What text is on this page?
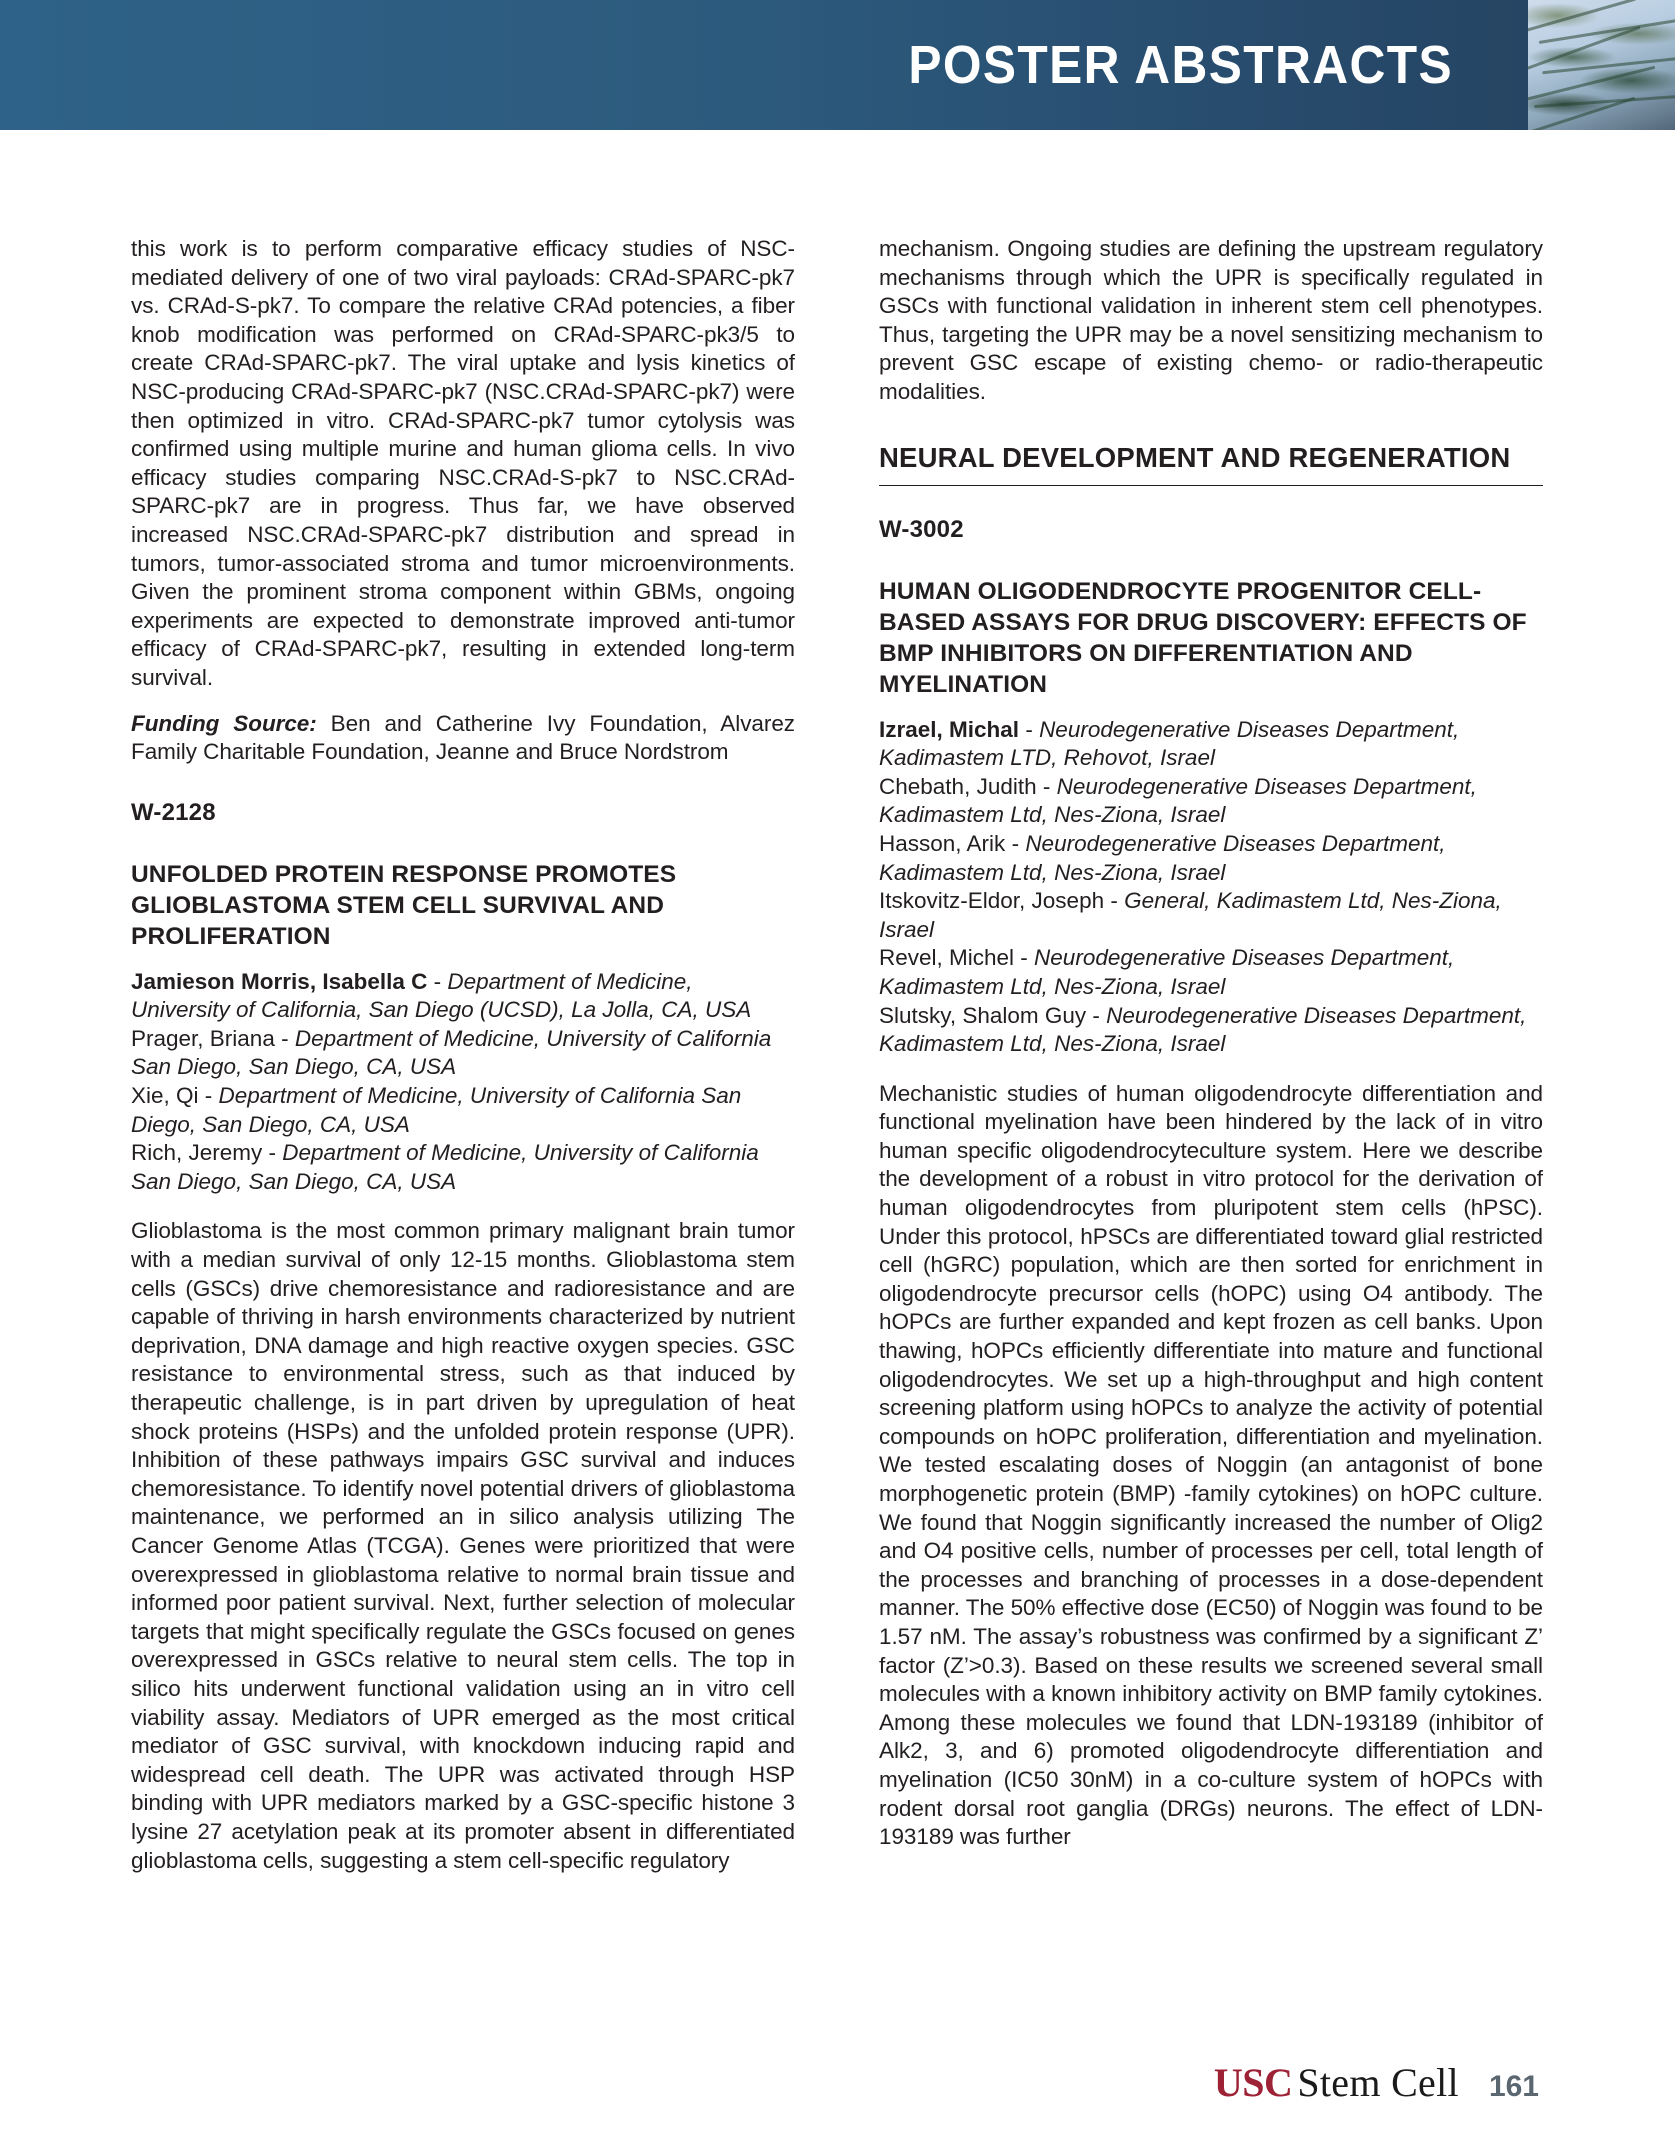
POSTER ABSTRACTS

this work is to perform comparative efficacy studies of NSC-mediated delivery of one of two viral payloads: CRAd-SPARC-pk7 vs. CRAd-S-pk7. To compare the relative CRAd potencies, a fiber knob modification was performed on CRAd-SPARC-pk3/5 to create CRAd-SPARC-pk7. The viral uptake and lysis kinetics of NSC-producing CRAd-SPARC-pk7 (NSC.CRAd-SPARC-pk7) were then optimized in vitro. CRAd-SPARC-pk7 tumor cytolysis was confirmed using multiple murine and human glioma cells. In vivo efficacy studies comparing NSC.CRAd-S-pk7 to NSC.CRAd-SPARC-pk7 are in progress. Thus far, we have observed increased NSC.CRAd-SPARC-pk7 distribution and spread in tumors, tumor-associated stroma and tumor microenvironments. Given the prominent stroma component within GBMs, ongoing experiments are expected to demonstrate improved anti-tumor efficacy of CRAd-SPARC-pk7, resulting in extended long-term survival.

Funding Source: Ben and Catherine Ivy Foundation, Alvarez Family Charitable Foundation, Jeanne and Bruce Nordstrom

W-2128
UNFOLDED PROTEIN RESPONSE PROMOTES GLIOBLASTOMA STEM CELL SURVIVAL AND PROLIFERATION
Jamieson Morris, Isabella C - Department of Medicine, University of California, San Diego (UCSD), La Jolla, CA, USA
Prager, Briana - Department of Medicine, University of California San Diego, San Diego, CA, USA
Xie, Qi - Department of Medicine, University of California San Diego, San Diego, CA, USA
Rich, Jeremy - Department of Medicine, University of California San Diego, San Diego, CA, USA

Glioblastoma is the most common primary malignant brain tumor with a median survival of only 12-15 months. Glioblastoma stem cells (GSCs) drive chemoresistance and radioresistance and are capable of thriving in harsh environments characterized by nutrient deprivation, DNA damage and high reactive oxygen species. GSC resistance to environmental stress, such as that induced by therapeutic challenge, is in part driven by upregulation of heat shock proteins (HSPs) and the unfolded protein response (UPR). Inhibition of these pathways impairs GSC survival and induces chemoresistance. To identify novel potential drivers of glioblastoma maintenance, we performed an in silico analysis utilizing The Cancer Genome Atlas (TCGA). Genes were prioritized that were overexpressed in glioblastoma relative to normal brain tissue and informed poor patient survival. Next, further selection of molecular targets that might specifically regulate the GSCs focused on genes overexpressed in GSCs relative to neural stem cells. The top in silico hits underwent functional validation using an in vitro cell viability assay. Mediators of UPR emerged as the most critical mediator of GSC survival, with knockdown inducing rapid and widespread cell death. The UPR was activated through HSP binding with UPR mediators marked by a GSC-specific histone 3 lysine 27 acetylation peak at its promoter absent in differentiated glioblastoma cells, suggesting a stem cell-specific regulatory

mechanism. Ongoing studies are defining the upstream regulatory mechanisms through which the UPR is specifically regulated in GSCs with functional validation in inherent stem cell phenotypes. Thus, targeting the UPR may be a novel sensitizing mechanism to prevent GSC escape of existing chemo- or radio-therapeutic modalities.

NEURAL DEVELOPMENT AND REGENERATION
W-3002
HUMAN OLIGODENDROCYTE PROGENITOR CELL-BASED ASSAYS FOR DRUG DISCOVERY: EFFECTS OF BMP INHIBITORS ON DIFFERENTIATION AND MYELINATION
Izrael, Michal - Neurodegenerative Diseases Department, Kadimastem LTD, Rehovot, Israel
Chebath, Judith - Neurodegenerative Diseases Department, Kadimastem Ltd, Nes-Ziona, Israel
Hasson, Arik - Neurodegenerative Diseases Department, Kadimastem Ltd, Nes-Ziona, Israel
Itskovitz-Eldor, Joseph - General, Kadimastem Ltd, Nes-Ziona, Israel
Revel, Michel - Neurodegenerative Diseases Department, Kadimastem Ltd, Nes-Ziona, Israel
Slutsky, Shalom Guy - Neurodegenerative Diseases Department, Kadimastem Ltd, Nes-Ziona, Israel

Mechanistic studies of human oligodendrocyte differentiation and functional myelination have been hindered by the lack of in vitro human specific oligodendrocyteculture system. Here we describe the development of a robust in vitro protocol for the derivation of human oligodendrocytes from pluripotent stem cells (hPSC). Under this protocol, hPSCs are differentiated toward glial restricted cell (hGRC) population, which are then sorted for enrichment in oligodendrocyte precursor cells (hOPC) using O4 antibody. The hOPCs are further expanded and kept frozen as cell banks. Upon thawing, hOPCs efficiently differentiate into mature and functional oligodendrocytes. We set up a high-throughput and high content screening platform using hOPCs to analyze the activity of potential compounds on hOPC proliferation, differentiation and myelination. We tested escalating doses of Noggin (an antagonist of bone morphogenetic protein (BMP) -family cytokines) on hOPC culture. We found that Noggin significantly increased the number of Olig2 and O4 positive cells, number of processes per cell, total length of the processes and branching of processes in a dose-dependent manner. The 50% effective dose (EC50) of Noggin was found to be 1.57 nM. The assay’s robustness was confirmed by a significant Z’ factor (Z’>0.3). Based on these results we screened several small molecules with a known inhibitory activity on BMP family cytokines. Among these molecules we found that LDN-193189 (inhibitor of Alk2, 3, and 6) promoted oligodendrocyte differentiation and myelination (IC50 30nM) in a co-culture system of hOPCs with rodent dorsal root ganglia (DRGs) neurons. The effect of LDN-193189 was further

USC Stem Cell 161
